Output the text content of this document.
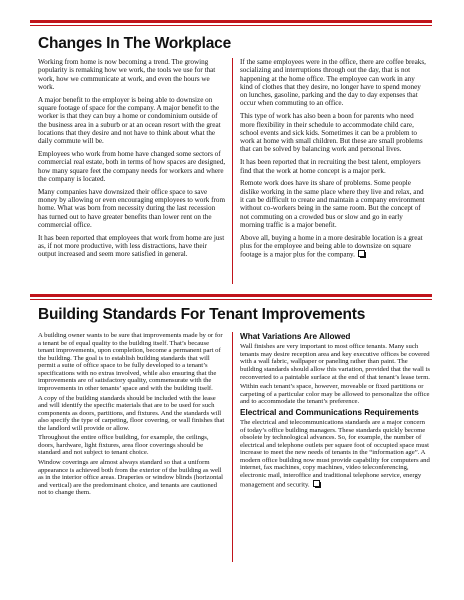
Changes In The Workplace

Working from home is now becoming a trend. The growing popularity is remaking how we work, the tools we use for that work, how we communicate at work, and even the hours we work.

A major benefit to the employer is being able to downsize on square footage of space for the company. A major benefit to the worker is that they can buy a home or condominium outside of the business area in a suburb or at an ocean resort with the great locations that they desire and not have to think about what the daily commute will be.

Employees who work from home have changed some sectors of commercial real estate, both in terms of how spaces are designed, how many square feet the company needs for workers and where the company is located.

Many companies have downsized their office space to save money by allowing or even encouraging employees to work from home. What was born from necessity during the last recession has turned out to have greater benefits than lower rent on the commercial office.

It has been reported that employees that work from home are just as, if not more productive, with less distractions, have their output increased and seem more satisfied in general.

If the same employees were in the office, there are coffee breaks, socializing and interruptions through out the day, that is not happening at the home office. The employee can work in any kind of clothes that they desire, no longer have to spend money on lunches, gasoline, parking and the day to day expenses that occur when commuting to an office.

This type of work has also been a boon for parents who need more flexibility in their schedule to accommodate child care, school events and sick kids. Sometimes it can be a problem to work at home with small children. But these are small problems that can be solved by balancing work and personal lives.

It has been reported that in recruiting the best talent, employers find that the work at home concept is a major perk.

Remote work does have its share of problems. Some people dislike working in the same place where they live and relax, and it can be difficult to create and maintain a company environment without co-workers being in the same room. But the concept of not commuting on a crowded bus or slow and go in early morning traffic is a major benefit.

Above all, buying a home in a more desirable location is a great plus for the employee and being able to downsize on square footage is a major plus for the company.

Building Standards For Tenant Improvements

A building owner wants to be sure that improvements made by or for a tenant be of equal quality to the building itself. That’s because tenant improvements, upon completion, become a permanent part of the building. The goal is to establish building standards that will permit a suite of office space to be fully developed to a tenant’s specifications with no extras involved, while also ensuring that the improvements are of satisfactory quality, commensurate with the improvements in other tenants’ space and with the building itself.

A copy of the building standards should be included with the lease and will identify the specific materials that are to be used for such components as doors, partitions, and fixtures. And the standards will also specify the type of carpeting, floor covering, or wall finishes that the landlord will provide or allow.

Throughout the entire office building, for example, the ceilings, doors, hardware, light fixtures, area floor coverings should be standard and not subject to tenant choice.

Window coverings are almost always standard so that a uniform appearance is achieved both from the exterior of the building as well as in the interior office areas. Draperies or window blinds (horizontal and vertical) are the predominant choice, and tenants are cautioned not to change them.

What Variations Are Allowed

Wall finishes are very important to most office tenants. Many such tenants may desire reception area and key executive offices be covered with a wall fabric, wallpaper or paneling rather than paint. The building standards should allow this variation, provided that the wall is reconverted to a paintable surface at the end of that tenant’s lease term.

Within each tenant’s space, however, moveable or fixed partitions or carpeting of a particular color may be allowed to personalize the office and to accommodate the tenant’s preference.

Electrical and Communications Requirements

The electrical and telecommunications standards are a major concern of today’s office building managers. These standards quickly become obsolete by technological advances. So, for example, the number of electrical and telephone outlets per square foot of occupied space must increase to meet the new needs of tenants in the “information age”. A modern office building now must provide capability for computers and internet, fax machines, copy machines, video teleconferencing, electronic mail, interoffice and traditional telephone service, energy management and security.
